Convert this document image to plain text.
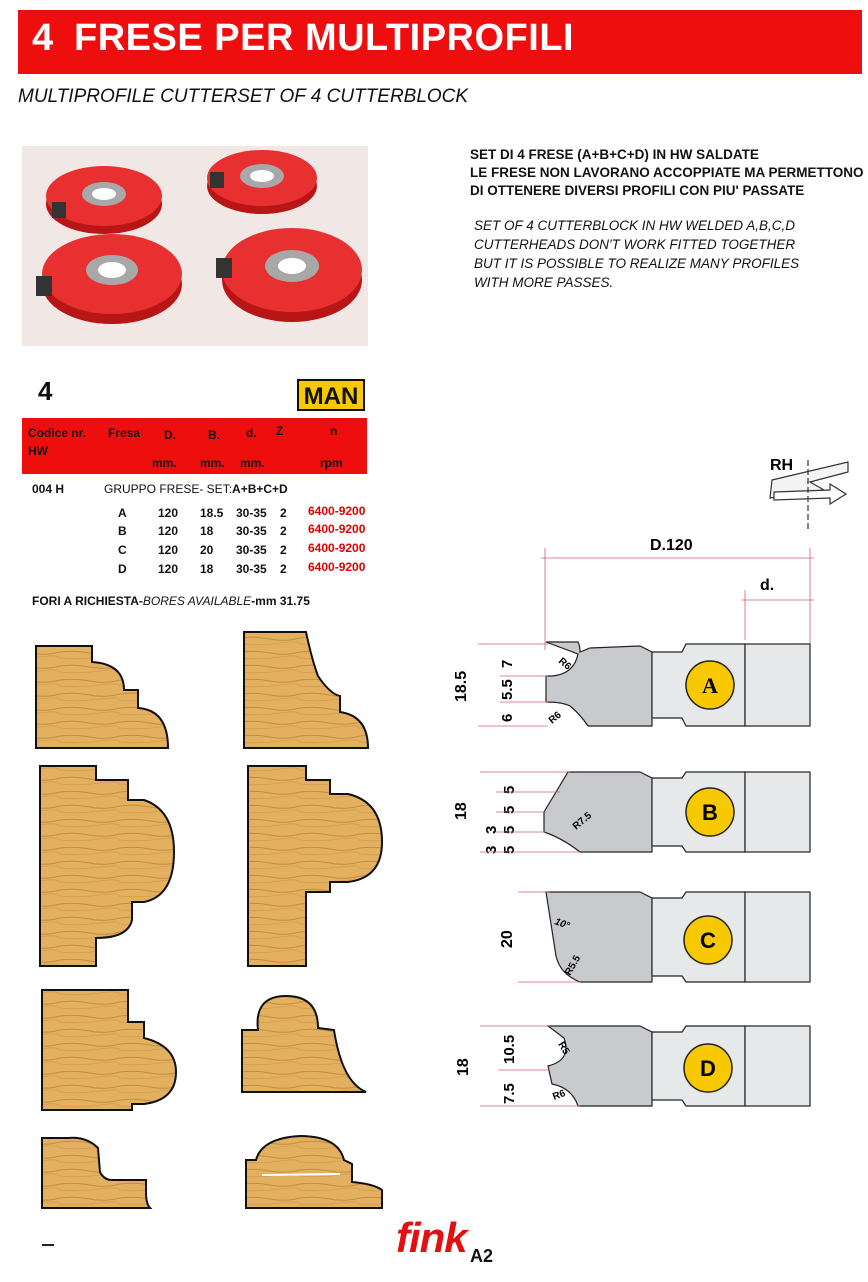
4 FRESE PER MULTIPROFILI
MULTIPROFILE CUTTERSET OF 4 CUTTERBLOCK
SET DI 4 FRESE (A+B+C+D) IN HW SALDATE
LE FRESE NON LAVORANO ACCOPPIATE MA PERMETTONO
DI OTTENERE DIVERSI PROFILI CON PIU' PASSATE
SET OF 4 CUTTERBLOCK IN HW WELDED A,B,C,D
CUTTERHEADS DON'T WORK FITTED TOGETHER
BUT IT IS POSSIBLE TO REALIZE MANY PROFILES
WITH MORE PASSES.
4	MAN
Codice nr.
HW
Fresa D.	B. d. Z	n
mm. mm. mm.	rpm
004 H	GRUPPO FRESE- SET:A+B+C+D
A	120 18.5 30-35 2 6400-9200
B	120 18 30-35 2 6400-9200
C	120 20 30-35 2 6400-9200
D	120 18 30-35 2 6400-9200
FORI A RICHIESTA-BORES AVAILABLE-mm 31.75
RH
D.120
d.
A
R6
R6
18.5
7
5.5
6
B
R7.5
18
5
5
5
5
3
3
C
10°
R5.5
20
D
R5
R6
18
10.5
7.5
fink A2
